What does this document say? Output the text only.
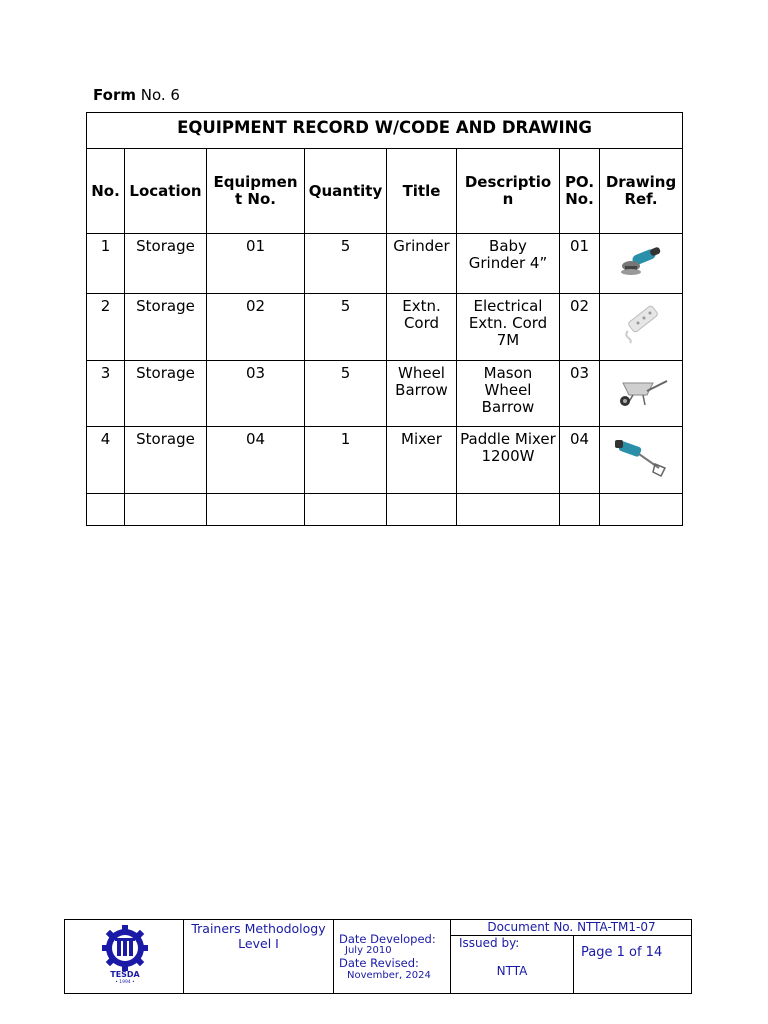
Form No. 6
EQUIPMENT RECORD W/CODE AND DRAWING							
No.	Location	Equipment No.	Quantity	Title	Description	PO. No.	Drawing Ref.
1	Storage	01	5	Grinder	Baby Grinder 4”	01	
2	Storage	02	5	Extn. Cord	Electrical Extn. Cord 7M	02	
3	Storage	03	5	Wheel Barrow	Mason Wheel Barrow	03	
4	Storage	04	1	Mixer	Paddle Mixer 1200W	04	

TESDA
• 1994 •
Trainers Methodology Level I	Date Developed:
July 2010
Date Revised:
November, 2024
Document No. NTTA-TM1-07
Issued by:
NTTA
Page 1 of 14
